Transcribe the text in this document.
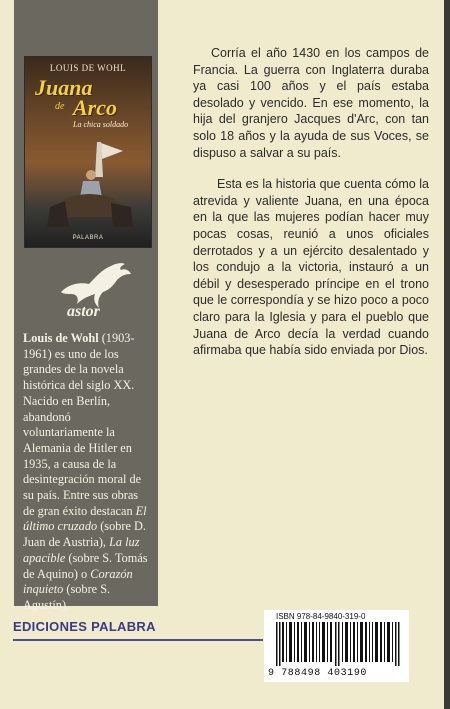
LOUIS DE WOHL
Juana
de Arco
La chica soldado
PALABRA
astor
Louis de Wohl (1903-1961) es uno de los grandes de la novela histórica del siglo XX. Nacido en Berlín, abandonó voluntariamente la Alemania de Hitler en 1935, a causa de la desintegración moral de su país. Entre sus obras de gran éxito destacan El último cruzado (sobre D. Juan de Austria), La luz apacible (sobre S. Tomás de Aquino) o Corazón inquieto (sobre S. Agustín).

Corría el año 1430 en los campos de Francia. La guerra con Inglaterra duraba ya casi 100 años y el país estaba desolado y vencido. En ese momento, la hija del granjero Jacques d'Arc, con tan solo 18 años y la ayuda de sus Voces, se dispuso a salvar a su país.

Esta es la historia que cuenta cómo la atrevida y valiente Juana, en una época en la que las mujeres podían hacer muy pocas cosas, reunió a unos oficiales derrotados y a un ejército desalentado y los condujo a la victoria, instauró a un débil y desesperado príncipe en el trono que le correspondía y se hizo poco a poco claro para la Iglesia y para el pueblo que Juana de Arco decía la verdad cuando afirmaba que había sido enviada por Dios.

EDICIONES PALABRA
ISBN 978-84-9840-319-0
9 788498 403190
